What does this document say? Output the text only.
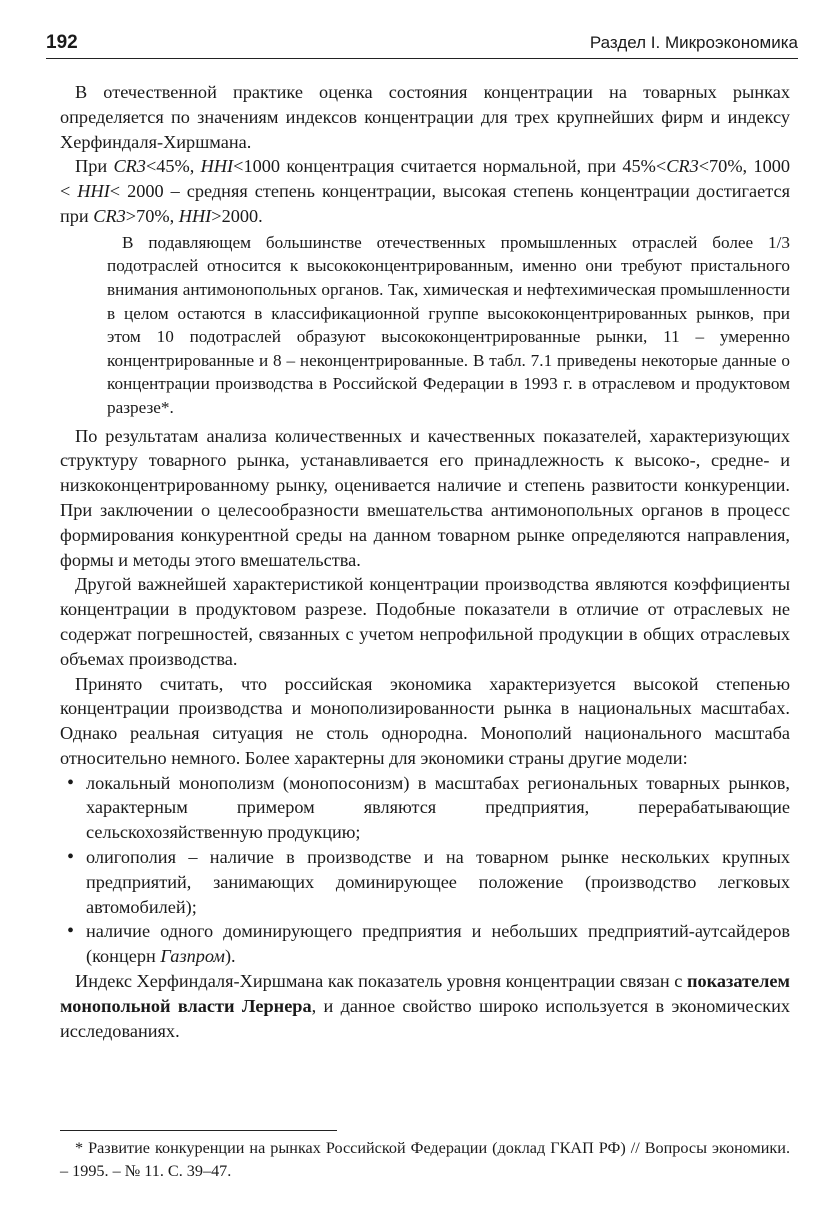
192	Раздел I. Микроэкономика

В отечественной практике оценка состояния концентрации на товарных рынках определяется по значениям индексов концентрации для трех крупнейших фирм и индексу Херфиндаля-Хиршмана.

При CR3<45%, HHI<1000 концентрация считается нормальной, при 45%<CR3<70%, 1000 < HHI< 2000 – средняя степень концентрации, высокая степень концентрации достигается при CR3>70%, HHI>2000.

В подавляющем большинстве отечественных промышленных отраслей более 1/3 подотраслей относится к высококонцентрированным, именно они требуют пристального внимания антимонопольных органов. Так, химическая и нефтехимическая промышленности в целом остаются в классификационной группе высококонцентрированных рынков, при этом 10 подотраслей образуют высококонцентрированные рынки, 11 – умеренно концентрированные и 8 – неконцентрированные. В табл. 7.1 приведены некоторые данные о концентрации производства в Российской Федерации в 1993 г. в отраслевом и продуктовом разрезе*.

По результатам анализа количественных и качественных показателей, характеризующих структуру товарного рынка, устанавливается его принадлежность к высоко-, средне- и низкоконцентрированному рынку, оценивается наличие и степень развитости конкуренции. При заключении о целесообразности вмешательства антимонопольных органов в процесс формирования конкурентной среды на данном товарном рынке определяются направления, формы и методы этого вмешательства.

Другой важнейшей характеристикой концентрации производства являются коэффициенты концентрации в продуктовом разрезе. Подобные показатели в отличие от отраслевых не содержат погрешностей, связанных с учетом непрофильной продукции в общих отраслевых объемах производства.

Принято считать, что российская экономика характеризуется высокой степенью концентрации производства и монополизированности рынка в национальных масштабах. Однако реальная ситуация не столь однородна. Монополий национального масштаба относительно немного. Более характерны для экономики страны другие модели:

• локальный монополизм (монопосонизм) в масштабах региональных товарных рынков, характерным примером являются предприятия, перерабатывающие сельскохозяйственную продукцию;
• олигополия – наличие в производстве и на товарном рынке нескольких крупных предприятий, занимающих доминирующее положение (производство легковых автомобилей);
• наличие одного доминирующего предприятия и небольших предприятий-аутсайдеров (концерн Газпром).

Индекс Херфиндаля-Хиршмана как показатель уровня концентрации связан с показателем монопольной власти Лернера, и данное свойство широко используется в экономических исследованиях.

* Развитие конкуренции на рынках Российской Федерации (доклад ГКАП РФ) // Вопросы экономики. – 1995. – № 11. С. 39–47.
